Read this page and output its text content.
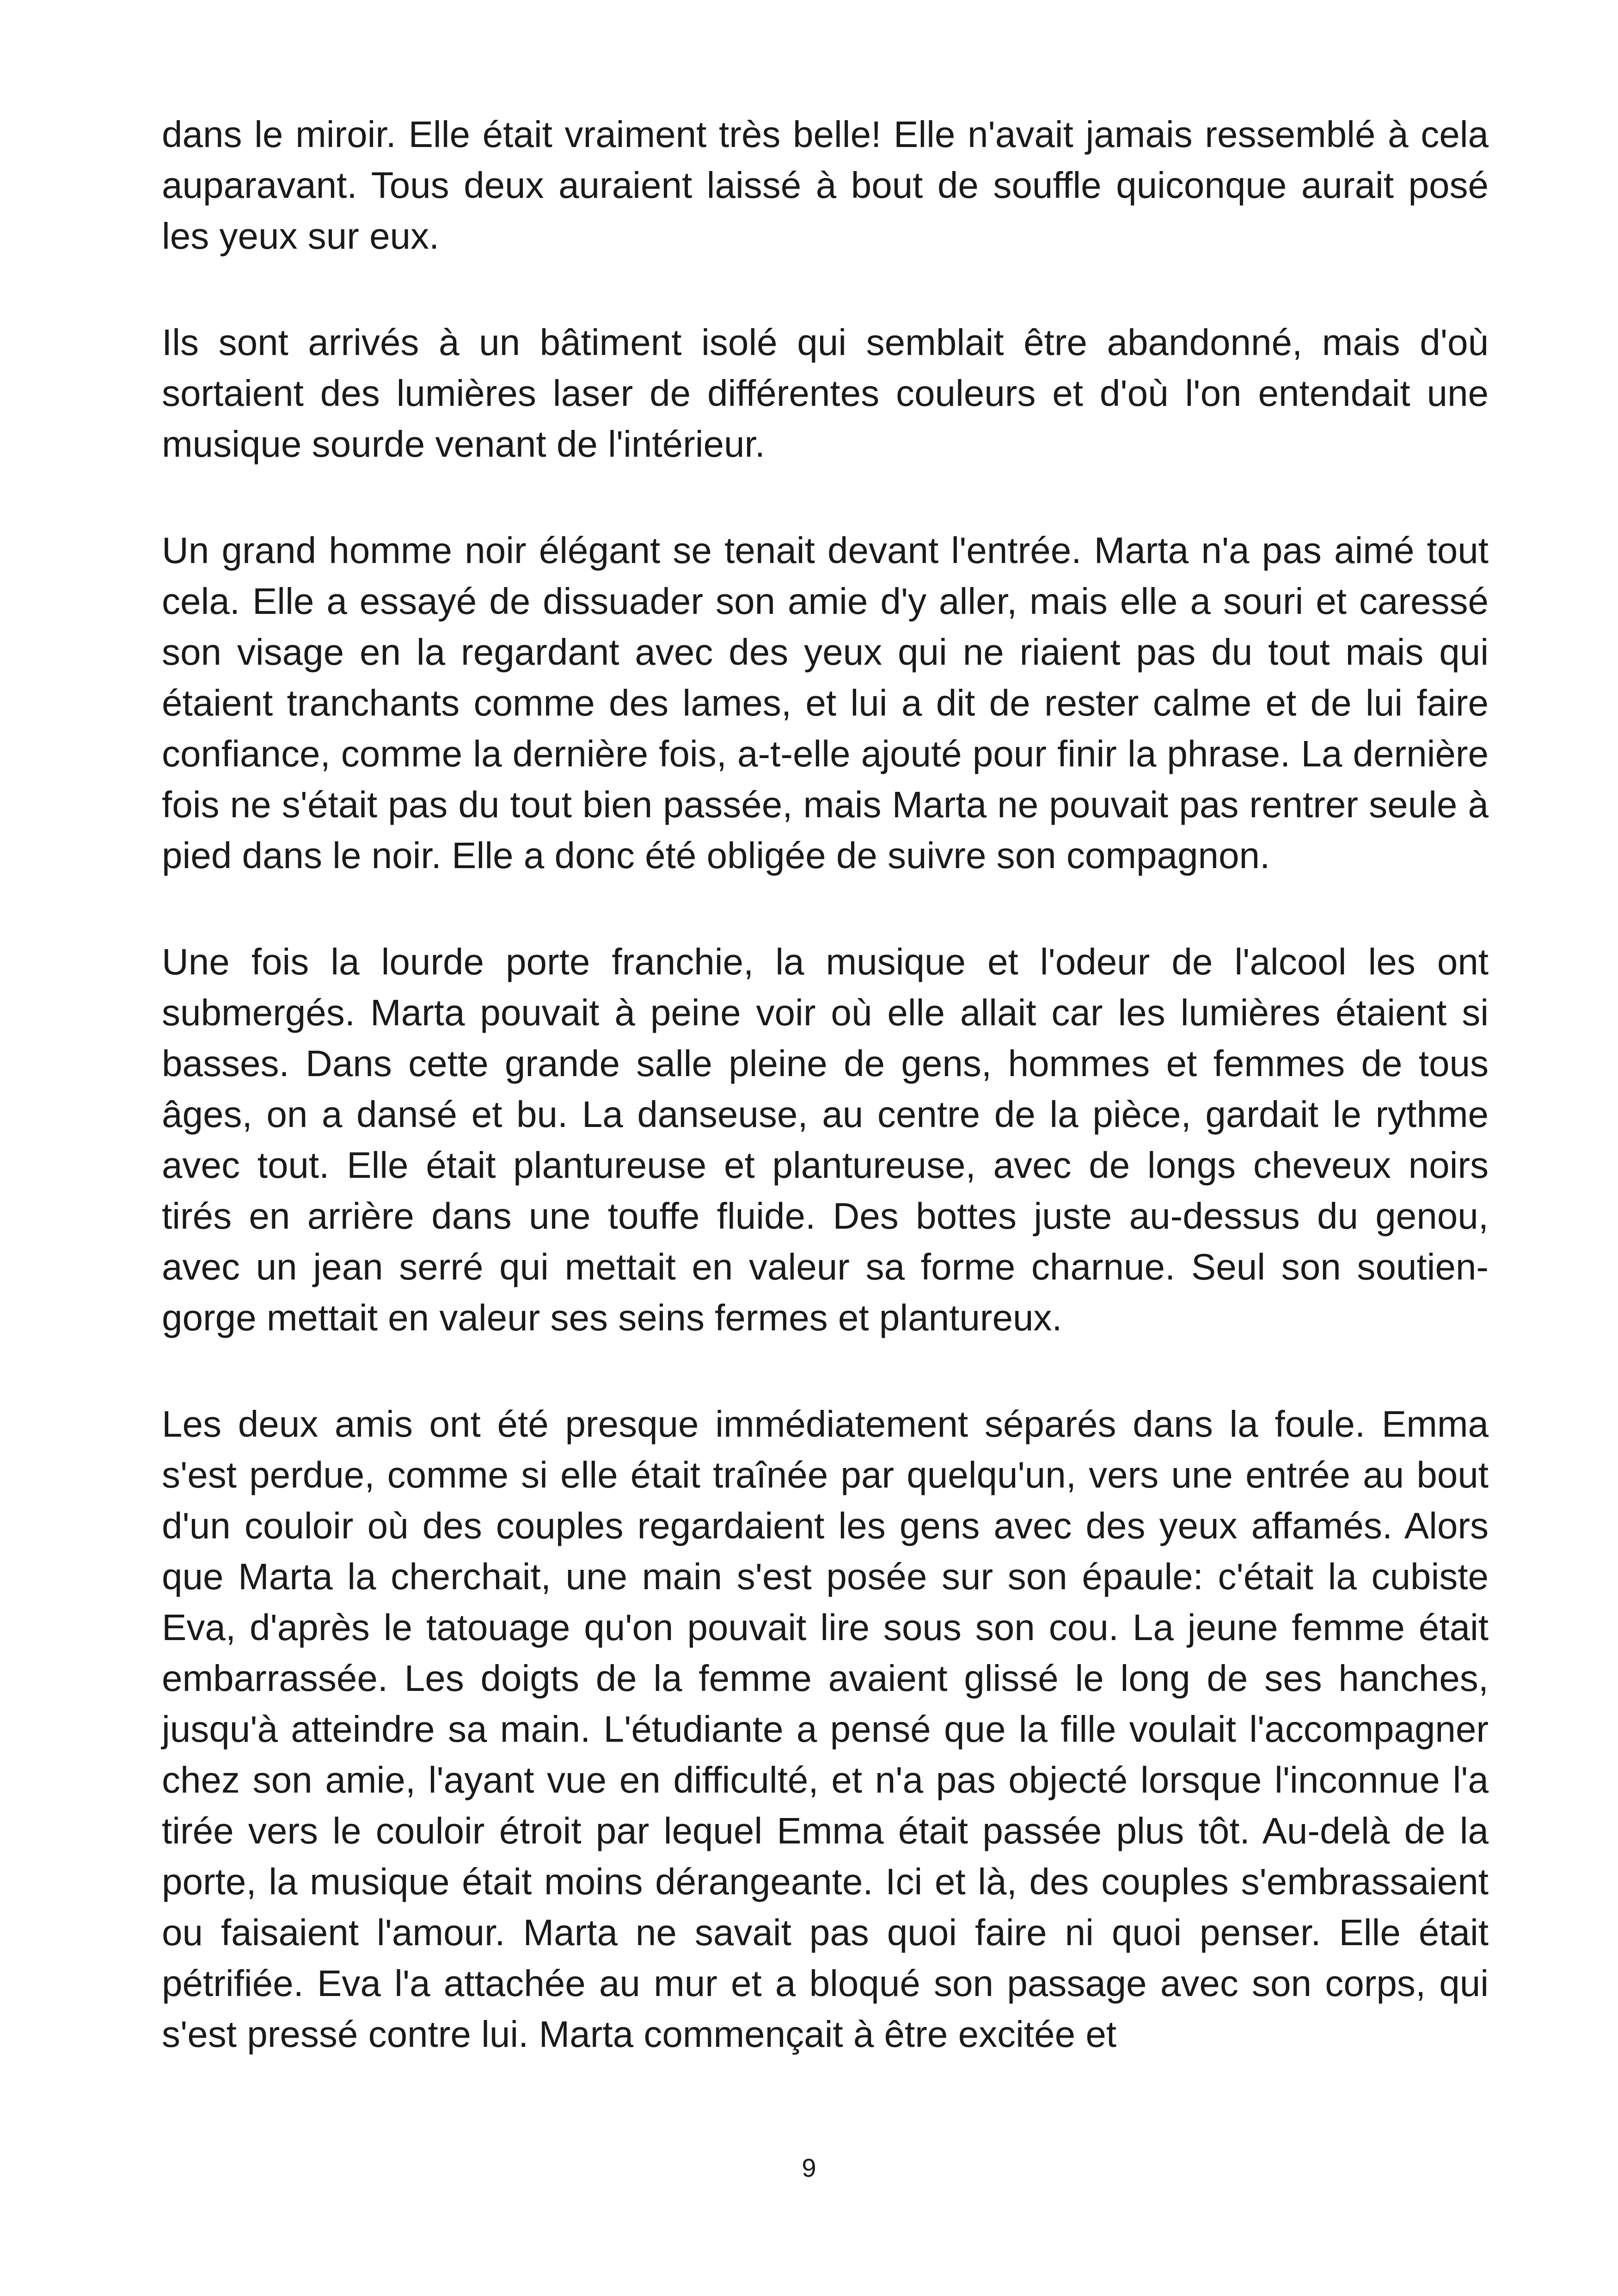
dans le miroir. Elle était vraiment très belle! Elle n'avait jamais ressemblé à cela auparavant. Tous deux auraient laissé à bout de souffle quiconque aurait posé les yeux sur eux.

Ils sont arrivés à un bâtiment isolé qui semblait être abandonné, mais d'où sortaient des lumières laser de différentes couleurs et d'où l'on entendait une musique sourde venant de l'intérieur.

Un grand homme noir élégant se tenait devant l'entrée. Marta n'a pas aimé tout cela. Elle a essayé de dissuader son amie d'y aller, mais elle a souri et caressé son visage en la regardant avec des yeux qui ne riaient pas du tout mais qui étaient tranchants comme des lames, et lui a dit de rester calme et de lui faire confiance, comme la dernière fois, a-t-elle ajouté pour finir la phrase. La dernière fois ne s'était pas du tout bien passée, mais Marta ne pouvait pas rentrer seule à pied dans le noir. Elle a donc été obligée de suivre son compagnon.

Une fois la lourde porte franchie, la musique et l'odeur de l'alcool les ont submergés. Marta pouvait à peine voir où elle allait car les lumières étaient si basses. Dans cette grande salle pleine de gens, hommes et femmes de tous âges, on a dansé et bu. La danseuse, au centre de la pièce, gardait le rythme avec tout. Elle était plantureuse et plantureuse, avec de longs cheveux noirs tirés en arrière dans une touffe fluide. Des bottes juste au-dessus du genou, avec un jean serré qui mettait en valeur sa forme charnue. Seul son soutien-gorge mettait en valeur ses seins fermes et plantureux.

Les deux amis ont été presque immédiatement séparés dans la foule. Emma s'est perdue, comme si elle était traînée par quelqu'un, vers une entrée au bout d'un couloir où des couples regardaient les gens avec des yeux affamés. Alors que Marta la cherchait, une main s'est posée sur son épaule: c'était la cubiste Eva, d'après le tatouage qu'on pouvait lire sous son cou. La jeune femme était embarrassée. Les doigts de la femme avaient glissé le long de ses hanches, jusqu'à atteindre sa main. L'étudiante a pensé que la fille voulait l'accompagner chez son amie, l'ayant vue en difficulté, et n'a pas objecté lorsque l'inconnue l'a tirée vers le couloir étroit par lequel Emma était passée plus tôt. Au-delà de la porte, la musique était moins dérangeante. Ici et là, des couples s'embrassaient ou faisaient l'amour. Marta ne savait pas quoi faire ni quoi penser. Elle était pétrifiée. Eva l'a attachée au mur et a bloqué son passage avec son corps, qui s'est pressé contre lui. Marta commençait à être excitée et

9
